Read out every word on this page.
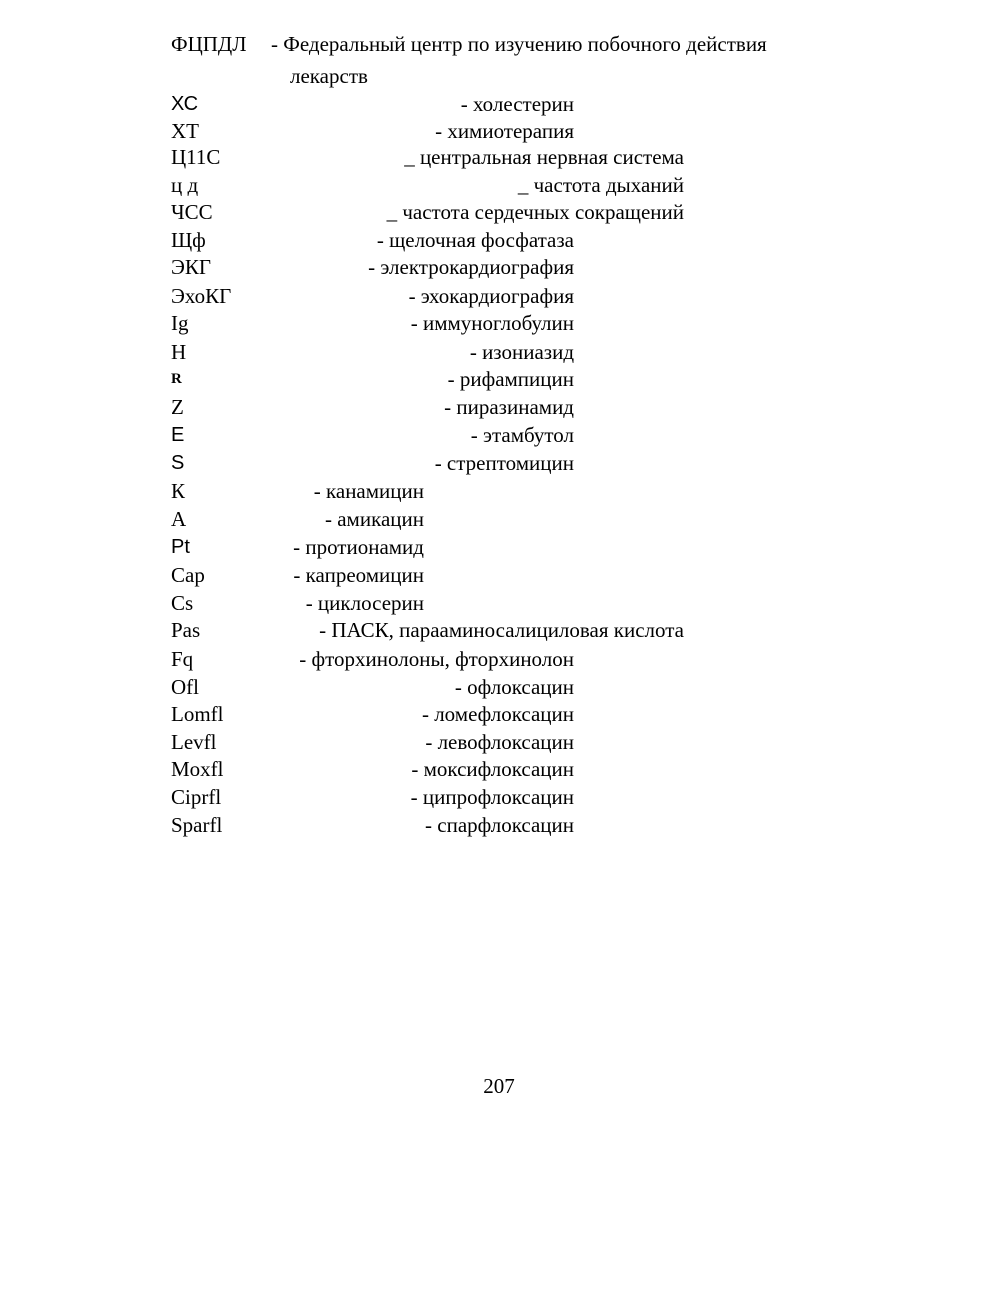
ФЦПДЛ - Федеральный центр по изучению побочного действия
лекарств
ХС	- холестерин
ХТ	- химиотерапия
Ц11С	_ центральная нервная система
ц д	_ частота дыханий
ЧСС	_ частота сердечных сокращений
Щф	- щелочная фосфатаза
ЭКГ	- электрокардиография
ЭхоКГ	- эхокардиография
Ig	- иммуноглобулин
H	- изониазид
R	- рифампицин
Z	- пиразинамид
E	- этамбутол
S	- стрептомицин
К	- канамицин
А	- амикацин
Pt	- протионамид
Cap	- капреомицин
Cs	- циклосерин
Pas	- ПАСК, парааминосалициловая кислота
Fq	- фторхинолоны, фторхинолон
Ofl	- офлоксацин
Lomfl	- ломефлоксацин
Levfl	- левофлоксацин
Moxfl	- моксифлоксацин
Ciprfl	- ципрофлоксацин
Sparfl	- спарфлоксацин
207
